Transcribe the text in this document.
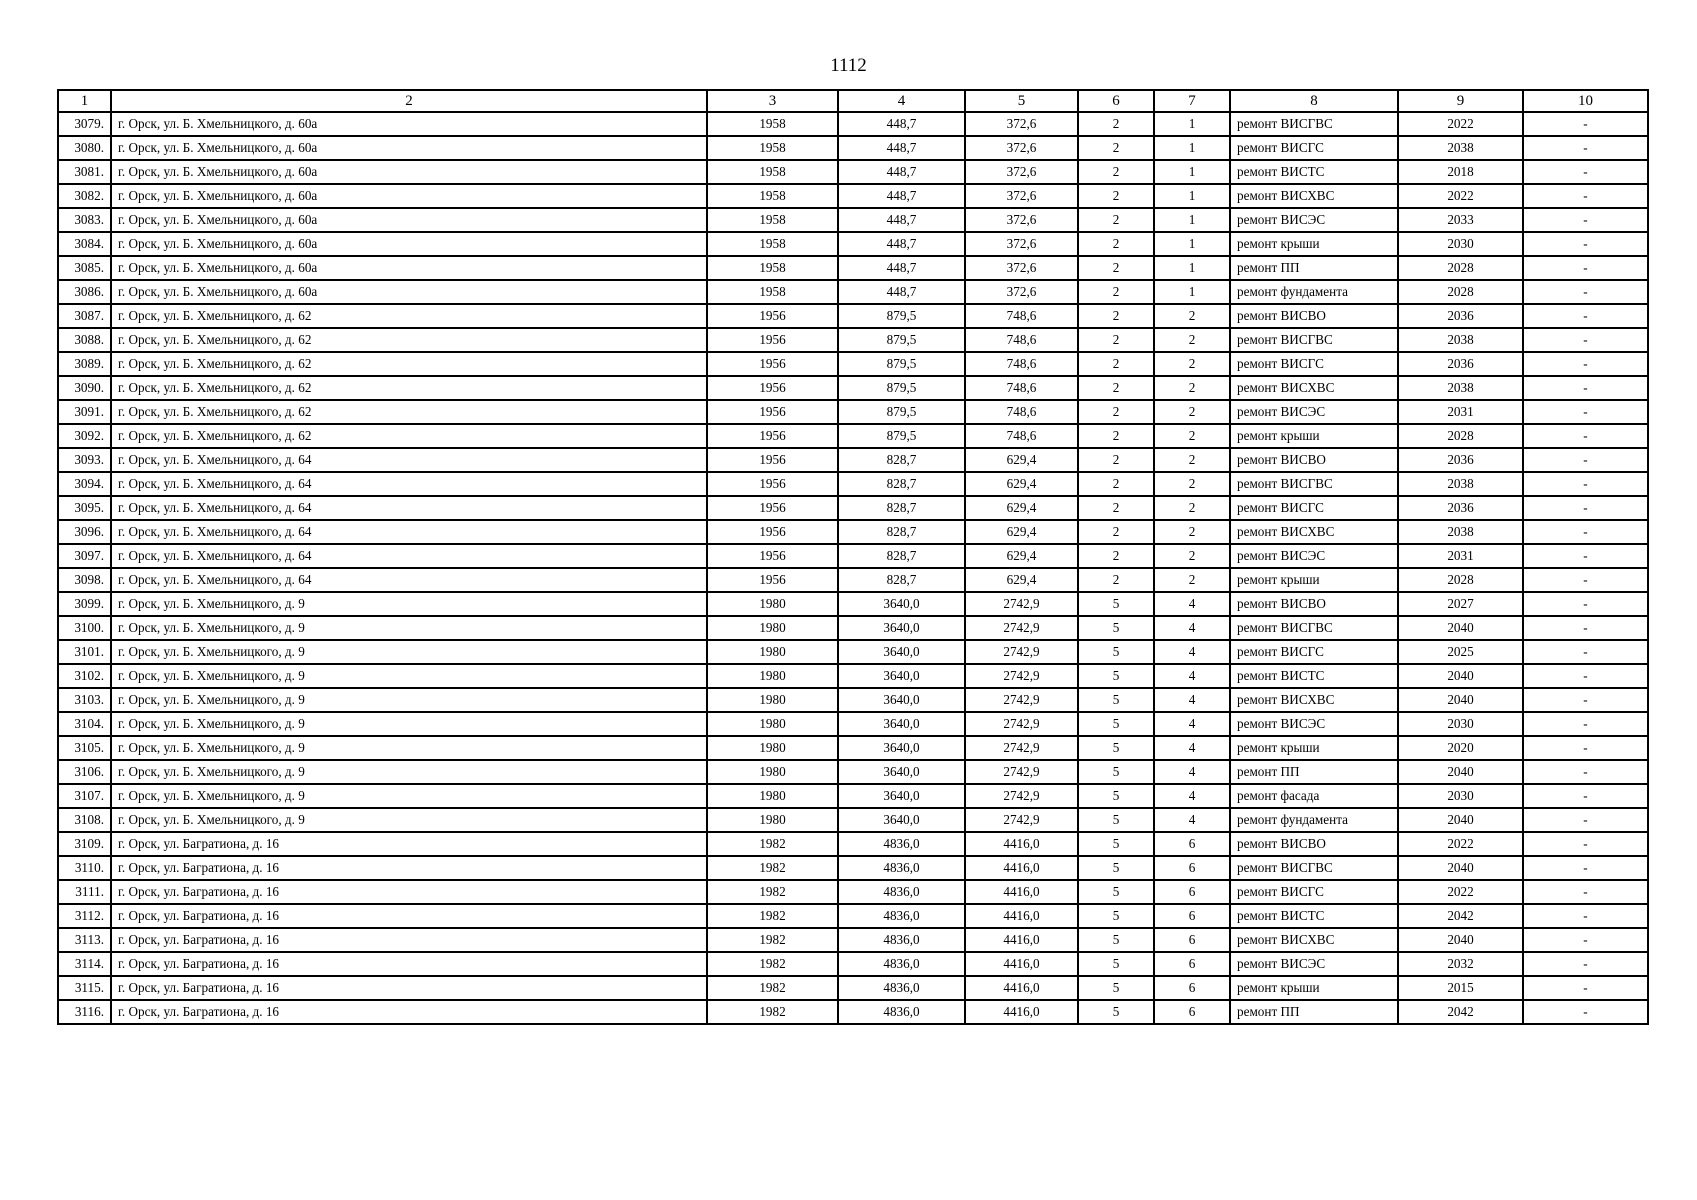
1112
1	2	3	4	5	6	7	8	9	10
3079.	г. Орск, ул. Б. Хмельницкого, д. 60а	1958	448,7	372,6	2	1	ремонт ВИСГВС	2022	-
3080.	г. Орск, ул. Б. Хмельницкого, д. 60а	1958	448,7	372,6	2	1	ремонт ВИСГС	2038	-
3081.	г. Орск, ул. Б. Хмельницкого, д. 60а	1958	448,7	372,6	2	1	ремонт ВИСТС	2018	-
3082.	г. Орск, ул. Б. Хмельницкого, д. 60а	1958	448,7	372,6	2	1	ремонт ВИСХВС	2022	-
3083.	г. Орск, ул. Б. Хмельницкого, д. 60а	1958	448,7	372,6	2	1	ремонт ВИСЭС	2033	-
3084.	г. Орск, ул. Б. Хмельницкого, д. 60а	1958	448,7	372,6	2	1	ремонт крыши	2030	-
3085.	г. Орск, ул. Б. Хмельницкого, д. 60а	1958	448,7	372,6	2	1	ремонт ПП	2028	-
3086.	г. Орск, ул. Б. Хмельницкого, д. 60а	1958	448,7	372,6	2	1	ремонт фундамента	2028	-
3087.	г. Орск, ул. Б. Хмельницкого, д. 62	1956	879,5	748,6	2	2	ремонт ВИСВО	2036	-
3088.	г. Орск, ул. Б. Хмельницкого, д. 62	1956	879,5	748,6	2	2	ремонт ВИСГВС	2038	-
3089.	г. Орск, ул. Б. Хмельницкого, д. 62	1956	879,5	748,6	2	2	ремонт ВИСГС	2036	-
3090.	г. Орск, ул. Б. Хмельницкого, д. 62	1956	879,5	748,6	2	2	ремонт ВИСХВС	2038	-
3091.	г. Орск, ул. Б. Хмельницкого, д. 62	1956	879,5	748,6	2	2	ремонт ВИСЭС	2031	-
3092.	г. Орск, ул. Б. Хмельницкого, д. 62	1956	879,5	748,6	2	2	ремонт крыши	2028	-
3093.	г. Орск, ул. Б. Хмельницкого, д. 64	1956	828,7	629,4	2	2	ремонт ВИСВО	2036	-
3094.	г. Орск, ул. Б. Хмельницкого, д. 64	1956	828,7	629,4	2	2	ремонт ВИСГВС	2038	-
3095.	г. Орск, ул. Б. Хмельницкого, д. 64	1956	828,7	629,4	2	2	ремонт ВИСГС	2036	-
3096.	г. Орск, ул. Б. Хмельницкого, д. 64	1956	828,7	629,4	2	2	ремонт ВИСХВС	2038	-
3097.	г. Орск, ул. Б. Хмельницкого, д. 64	1956	828,7	629,4	2	2	ремонт ВИСЭС	2031	-
3098.	г. Орск, ул. Б. Хмельницкого, д. 64	1956	828,7	629,4	2	2	ремонт крыши	2028	-
3099.	г. Орск, ул. Б. Хмельницкого, д. 9	1980	3640,0	2742,9	5	4	ремонт ВИСВО	2027	-
3100.	г. Орск, ул. Б. Хмельницкого, д. 9	1980	3640,0	2742,9	5	4	ремонт ВИСГВС	2040	-
3101.	г. Орск, ул. Б. Хмельницкого, д. 9	1980	3640,0	2742,9	5	4	ремонт ВИСГС	2025	-
3102.	г. Орск, ул. Б. Хмельницкого, д. 9	1980	3640,0	2742,9	5	4	ремонт ВИСТС	2040	-
3103.	г. Орск, ул. Б. Хмельницкого, д. 9	1980	3640,0	2742,9	5	4	ремонт ВИСХВС	2040	-
3104.	г. Орск, ул. Б. Хмельницкого, д. 9	1980	3640,0	2742,9	5	4	ремонт ВИСЭС	2030	-
3105.	г. Орск, ул. Б. Хмельницкого, д. 9	1980	3640,0	2742,9	5	4	ремонт крыши	2020	-
3106.	г. Орск, ул. Б. Хмельницкого, д. 9	1980	3640,0	2742,9	5	4	ремонт ПП	2040	-
3107.	г. Орск, ул. Б. Хмельницкого, д. 9	1980	3640,0	2742,9	5	4	ремонт фасада	2030	-
3108.	г. Орск, ул. Б. Хмельницкого, д. 9	1980	3640,0	2742,9	5	4	ремонт фундамента	2040	-
3109.	г. Орск, ул. Багратиона, д. 16	1982	4836,0	4416,0	5	6	ремонт ВИСВО	2022	-
3110.	г. Орск, ул. Багратиона, д. 16	1982	4836,0	4416,0	5	6	ремонт ВИСГВС	2040	-
3111.	г. Орск, ул. Багратиона, д. 16	1982	4836,0	4416,0	5	6	ремонт ВИСГС	2022	-
3112.	г. Орск, ул. Багратиона, д. 16	1982	4836,0	4416,0	5	6	ремонт ВИСТС	2042	-
3113.	г. Орск, ул. Багратиона, д. 16	1982	4836,0	4416,0	5	6	ремонт ВИСХВС	2040	-
3114.	г. Орск, ул. Багратиона, д. 16	1982	4836,0	4416,0	5	6	ремонт ВИСЭС	2032	-
3115.	г. Орск, ул. Багратиона, д. 16	1982	4836,0	4416,0	5	6	ремонт крыши	2015	-
3116.	г. Орск, ул. Багратиона, д. 16	1982	4836,0	4416,0	5	6	ремонт ПП	2042	-
